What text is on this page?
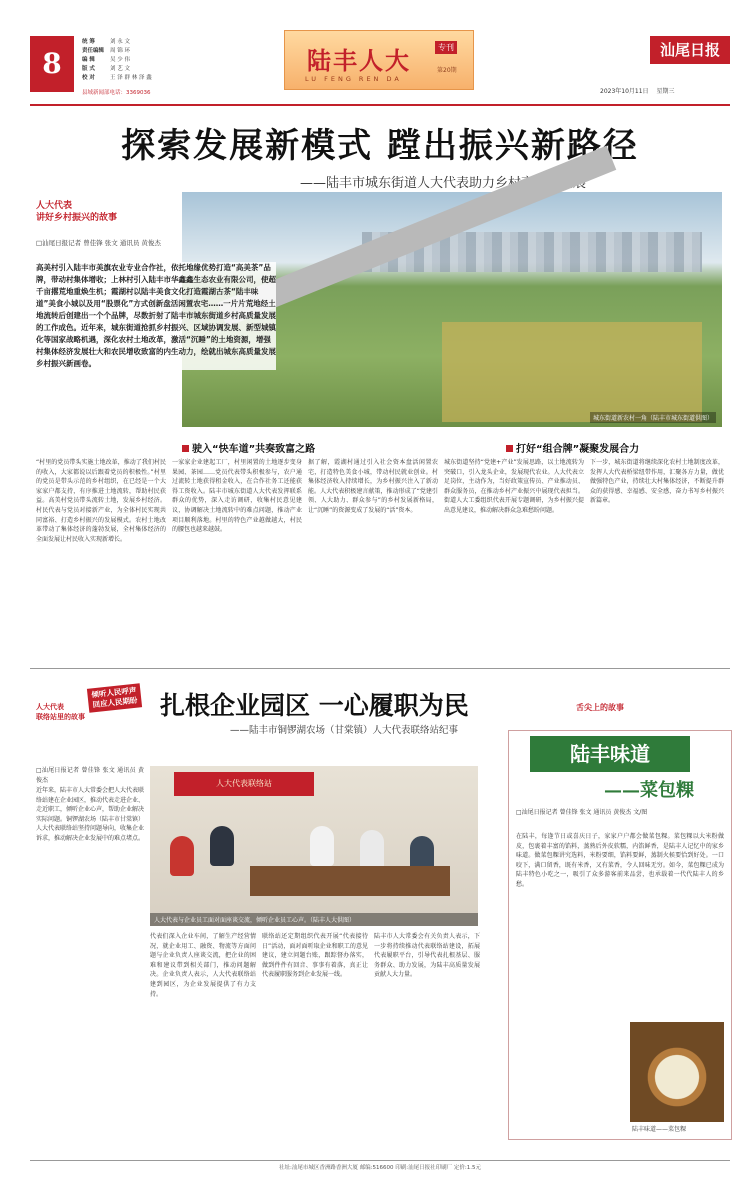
8
统 筹	刘 永 文
责任编辑 周 锦 环
编 辑	吴 少 伟
版 式	刘 艺 文
校 对	王 泽 群 林 泽 鑫
县域新闻部电话：3369036
陆丰人大	专刊
第20期
LU FENG REN DA
汕尾日报
2023年10月11日 星期三
探索发展新模式 蹚出振兴新路径
——陆丰市城东街道人大代表助力乡村高质量发展
城东街道新农村一角（陆丰市城东街道供图）
人大代表
讲好乡村振兴的故事
□汕尾日报记者 曾佳锋 张文 通讯员 黄俊杰
高美村引入陆丰市美旗农业专业合作社，依托地缘优势打造“高美茶”品牌，带动村集体增收；上林村引入陆丰市华鑫鑫生态农业有限公司，使超千亩撂荒地重焕生机；霞湖村以陆丰美食文化打造霞湖古茶“陆丰味道”美食小城以及用“股票化”方式创新盘活闲置农宅……一片片荒地经土地流转后创建出一个个品牌，尽数折射了陆丰市城东街道乡村高质量发展的工作成色。近年来，城东街道抢抓乡村振兴、区域协调发展、新型城镇化等国家战略机遇，深化农村土地改革，激活“沉睡”的土地资源，增强村集体经济发展壮大和农民增收致富的内生动力，绘就出城东高质量发展乡村振兴新画卷。
驶入“快车道”共奏致富之路	打好“组合牌”凝聚发展合力
“村里的党员带头实施土地改革，推动了我们村民的收入，大家都说以后跟着党员的积极性。”村里的党员是带头示范的乡村组织，在已经是一个大家家户都支持，有序推进土地流转，帮助村民获益。高美村党员带头流转土地，发展乡村经济。村民代表与党员对接新产业，为全体村民实现共同富裕、打造乡村振兴的发展模式。农村土地改革带动了集体经济的蓬勃发展，全村集体经济的全面发展让村民收入实现新增长。
一家家企业建起工厂，村里闲置的土地逐步变身果园、茶园……党员代表带头积极参与，农户通过流转土地获得租金收入，在合作社务工还能获得工资收入。陆丰市城东街道人大代表发挥联系群众的优势，深入走访调研，收集村民意见建议，协调解决土地流转中的难点问题，推动产业项目顺利落地。村里的特色产业越做越大，村民的腰包也越来越鼓。
据了解，霞湖村通过引入社会资本盘活闲置农宅，打造特色美食小城，带动村民就业创业。村集体经济收入持续增长，为乡村振兴注入了新动能。人大代表积极建言献策，推动形成了“党建引领、人大助力、群众参与”的乡村发展新格局，让“沉睡”的资源变成了发展的“活”资本。
城东街道坚持“党建+产业”发展思路，以土地流转为突破口，引入龙头企业，发展现代农业。人大代表立足岗位，主动作为，当好政策宣传员、产业推动员、群众服务员，在推动乡村产业振兴中展现代表担当。街道人大工委组织代表开展专题调研，为乡村振兴提出意见建议，推动解决群众急难愁盼问题。
下一步，城东街道将继续深化农村土地制度改革，发挥人大代表桥梁纽带作用，汇聚各方力量，做优做强特色产业，持续壮大村集体经济，不断提升群众的获得感、幸福感、安全感，奋力书写乡村振兴新篇章。
倾听人民呼声
回应人民期盼
人大代表
联络站里的故事	扎根企业园区 一心履职为民
——陆丰市铜锣湖农场（甘棠镇）人大代表联络站纪事
□汕尾日报记者 曾佳锋 张文 通讯员 黄俊杰
近年来，陆丰市人大常委会把人大代表联络站建在企业园区，推动代表走进企业、走近职工，倾听企业心声，帮助企业解决实际问题。铜锣湖农场（陆丰市甘棠镇）人大代表联络站坚持问题导向，收集企业诉求，推动解决企业发展中的难点堵点。
人大代表联络站
人大代表与企业员工面对面座谈交流，倾听企业员工心声。（陆丰人大供图）
代表们深入企业车间，了解生产经营情况，就企业用工、融资、物流等方面问题与企业负责人座谈交流，把企业的困难和建议带到相关部门，推动问题解决。企业负责人表示，人大代表联络站建到园区，为企业发展提供了有力支持。
联络站还定期组织代表开展“代表接待日”活动，面对面听取企业和职工的意见建议，建立问题台账，跟踪督办落实，做到件件有回音、事事有着落，真正让代表履职服务到企业发展一线。
陆丰市人大常委会有关负责人表示，下一步将持续推动代表联络站建设，拓展代表履职平台，引导代表扎根基层、服务群众、助力发展，为陆丰高质量发展贡献人大力量。
舌尖上的故事
陆丰味道
——菜包粿
□汕尾日报记者 曾佳锋 张文 通讯员 黄俊杰 文/图
在陆丰，每逢节日或喜庆日子，家家户户都会做菜包粿。菜包粿以大米粉做皮，包裹着丰富的馅料，蒸熟后外皮软糯，内馅鲜香，是陆丰人记忆中的家乡味道。做菜包粿讲究选料，米粉要细，馅料要鲜，蒸制火候要恰到好处。一口咬下，满口留香，既有米香，又有菜香，令人回味无穷。如今，菜包粿已成为陆丰特色小吃之一，吸引了众多游客前来品尝，也承载着一代代陆丰人的乡愁。
陆丰味道——菜包粿
社址:汕尾市城区香洲路香洲大厦 邮编:516600 印刷:汕尾日报社印刷厂 定价:1.5元
